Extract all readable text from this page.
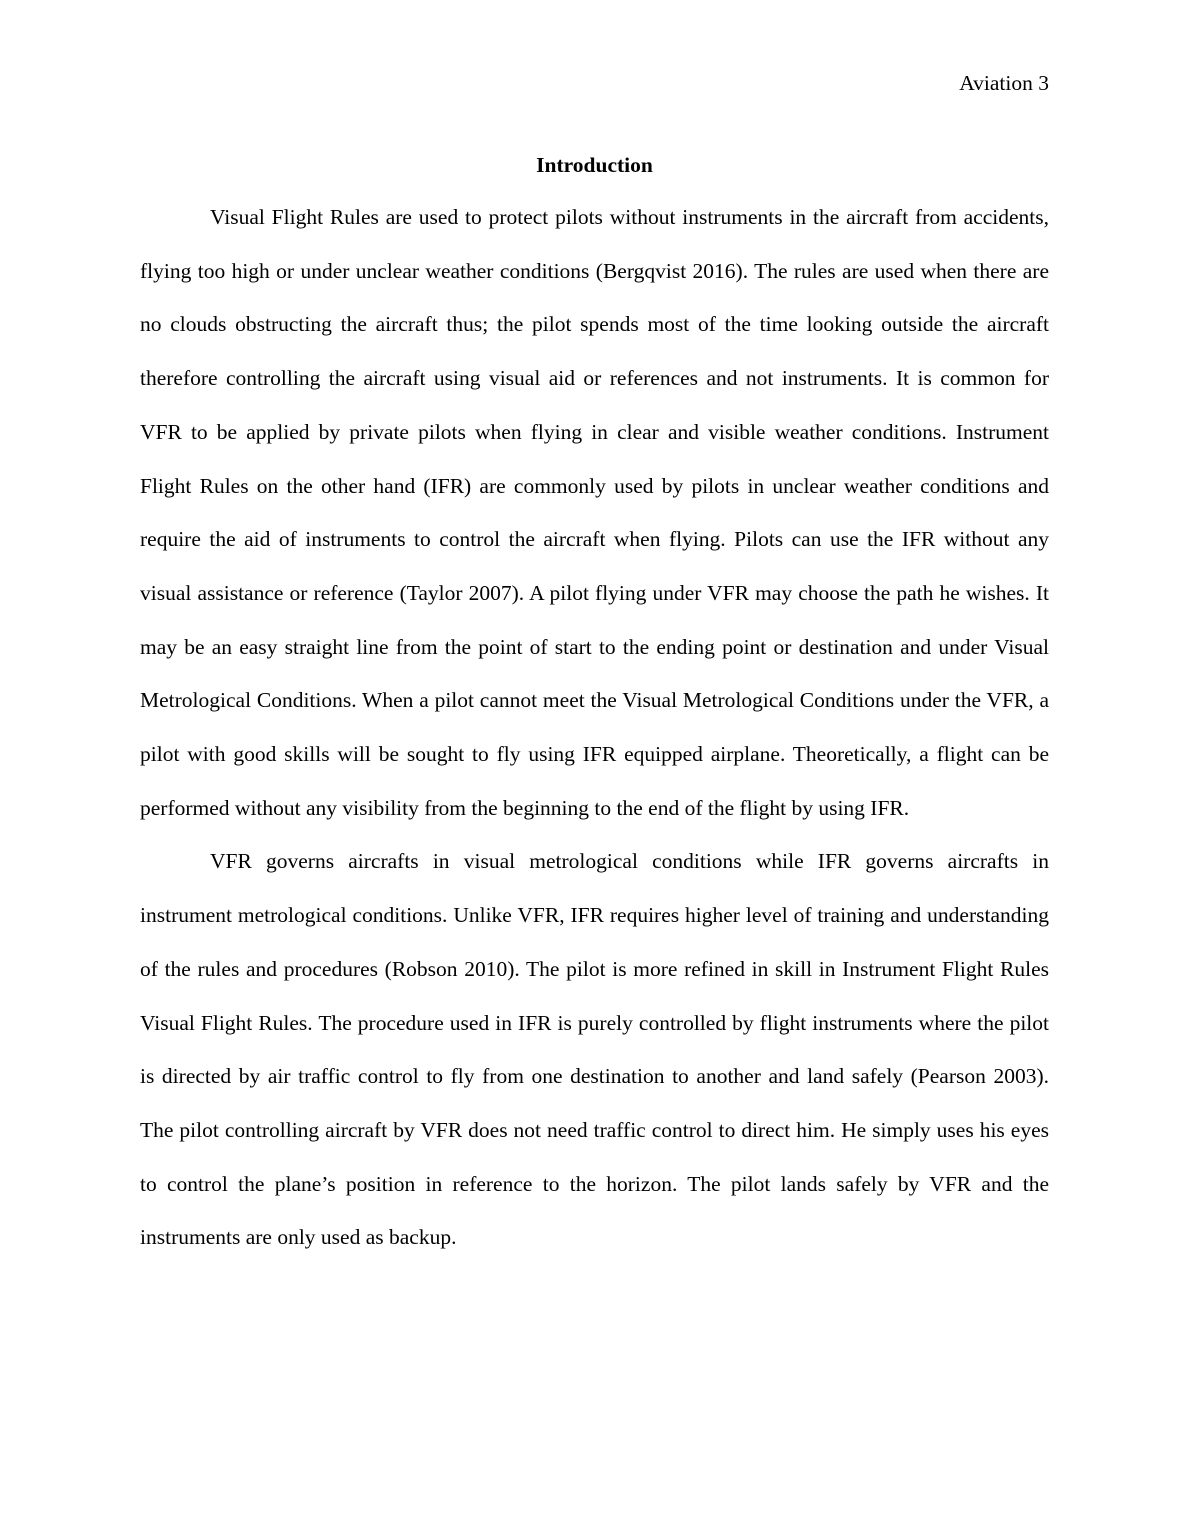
Aviation 3
Introduction

Visual Flight Rules are used to protect pilots without instruments in the aircraft from accidents, flying too high or under unclear weather conditions (Bergqvist 2016). The rules are used when there are no clouds obstructing the aircraft thus; the pilot spends most of the time looking outside the aircraft therefore controlling the aircraft using visual aid or references and not instruments. It is common for VFR to be applied by private pilots when flying in clear and visible weather conditions. Instrument Flight Rules on the other hand (IFR) are commonly used by pilots in unclear weather conditions and require the aid of instruments to control the aircraft when flying. Pilots can use the IFR without any visual assistance or reference (Taylor 2007). A pilot flying under VFR may choose the path he wishes. It may be an easy straight line from the point of start to the ending point or destination and under Visual Metrological Conditions. When a pilot cannot meet the Visual Metrological Conditions under the VFR, a pilot with good skills will be sought to fly using IFR equipped airplane. Theoretically, a flight can be performed without any visibility from the beginning to the end of the flight by using IFR.

VFR governs aircrafts in visual metrological conditions while IFR governs aircrafts in instrument metrological conditions. Unlike VFR, IFR requires higher level of training and understanding of the rules and procedures (Robson 2010). The pilot is more refined in skill in Instrument Flight Rules Visual Flight Rules. The procedure used in IFR is purely controlled by flight instruments where the pilot is directed by air traffic control to fly from one destination to another and land safely (Pearson 2003). The pilot controlling aircraft by VFR does not need traffic control to direct him. He simply uses his eyes to control the plane’s position in reference to the horizon. The pilot lands safely by VFR and the instruments are only used as backup.
